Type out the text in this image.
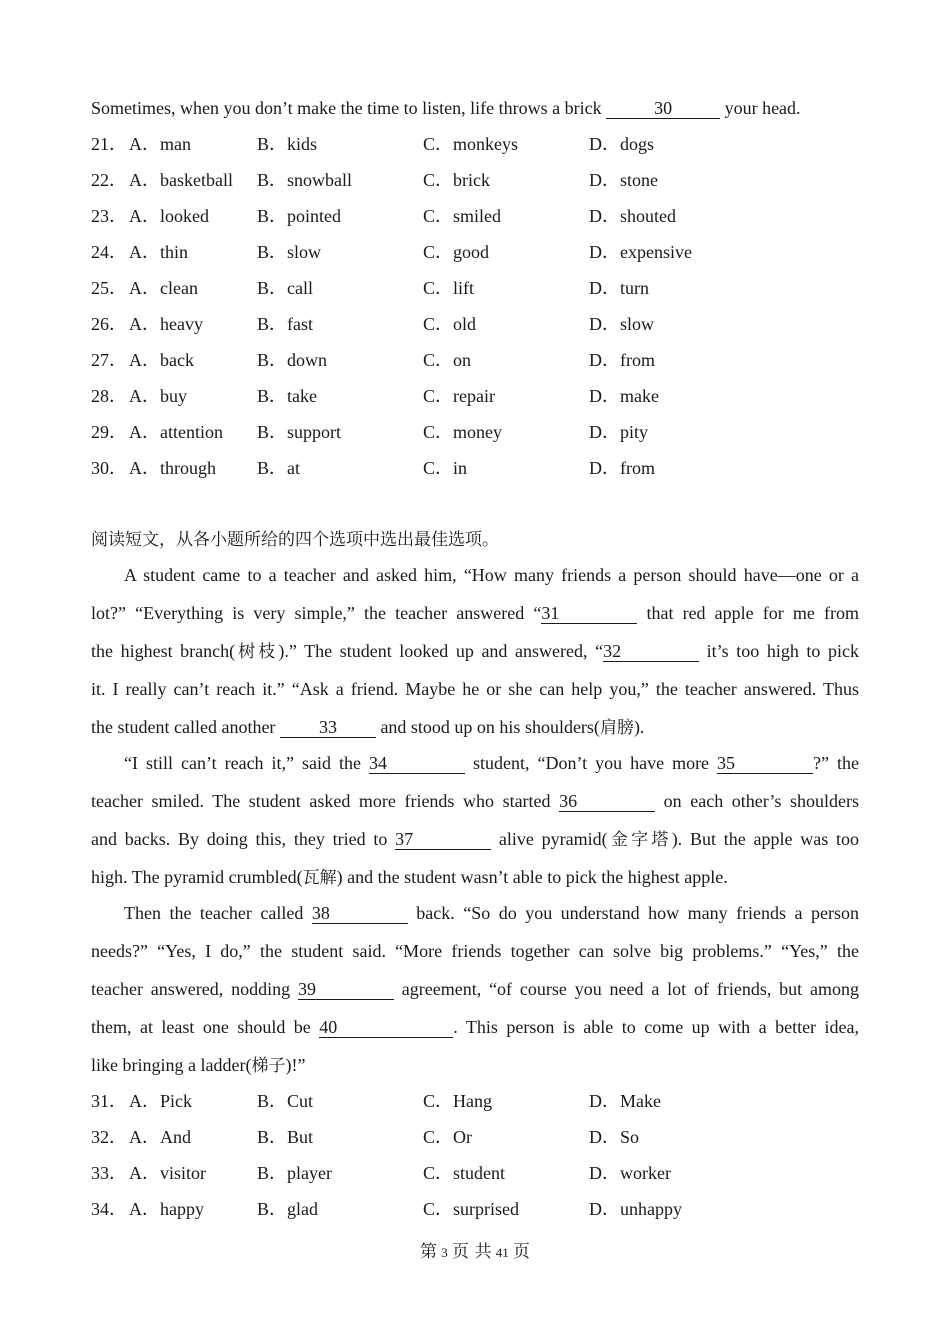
Sometimes, when you don’t make the time to listen, life throws a brick	30	your head.
21． A．man	B．kids	C．monkeys	D．dogs
22． A．basketball B．snowball	C．brick	D．stone
23． A．looked	B．pointed	C．smiled	D．shouted
24． A．thin	B．slow	C．good	D．expensive
25． A．clean	B．call	C．lift	D．turn
26． A．heavy	B．fast	C．old	D．slow
27． A．back	B．down	C．on	D．from
28． A．buy	B．take	C．repair	D．make
29． A．attention B．support	C．money	D．pity
30． A．through B．at	C．in	D．from
阅读短文，从各小题所给的四个选项中选出最佳选项。
A student came to a teacher and asked him, “How many friends a person should have—one or a
lot?” “Everything is very simple,” the teacher answered “31	that red apple for me from
the highest branch(树枝).” The student looked up and answered, “32	it’s too high to pick
it. I really can’t reach it.” “Ask a friend. Maybe he or she can help you,” the teacher answered. Thus
the student called another 33 and stood up on his shoulders(肩膀).
“I still can’t reach it,” said the 34	student, “Don’t you have more 35	?” the
teacher smiled. The student asked more friends who started 36	on each other’s shoulders
and backs. By doing this, they tried to 37	alive pyramid(金字塔). But the apple was too
high. The pyramid crumbled(瓦解) and the student wasn’t able to pick the highest apple.
Then the teacher called 38	back. “So do you understand how many friends a person
needs?” “Yes, I do,” the student said. “More friends together can solve big problems.” “Yes,” the
teacher answered, nodding 39	agreement, “of course you need a lot of friends, but among
them, at least one should be 40	. This person is able to come up with a better idea,
like bringing a ladder(梯子)!”
31． A．Pick	B．Cut	C．Hang	D．Make
32． A．And	B．But	C．Or	D．So
33． A．visitor	B．player	C．student	D．worker
34． A．happy	B．glad	C．surprised	D．unhappy
第 3 页 共 41 页
